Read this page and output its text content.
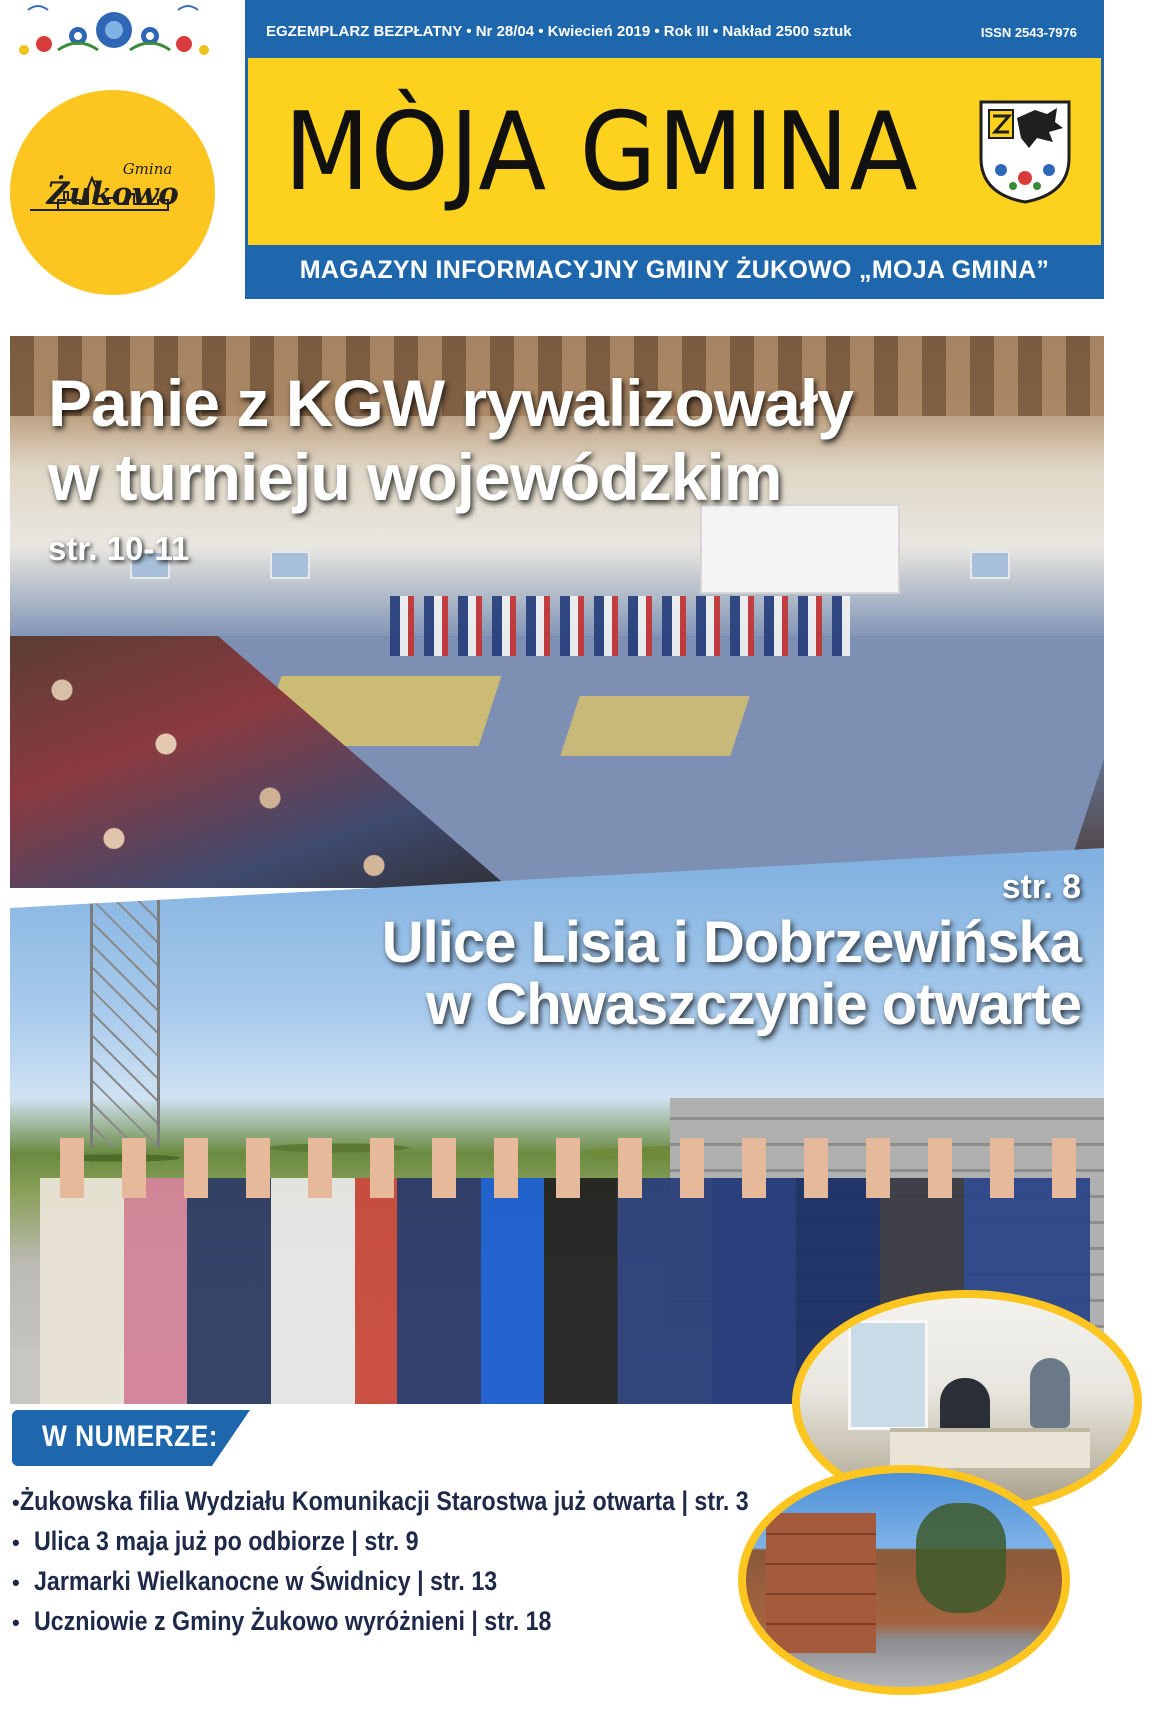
Gmina
Żukowo
EGZEMPLARZ BEZPŁATNY • Nr 28/04 • Kwiecień 2019 • Rok III • Nakład 2500 sztuk	ISSN 2543-7976
MÒJA GMINA
MAGAZYN INFORMACYJNY GMINY ŻUKOWO „MOJA GMINA”
Panie z KGW rywalizowały
w turnieju wojewódzkim
str. 10-11
str. 8
Ulice Lisia i Dobrzewińska
w Chwaszczynie otwarte
W NUMERZE:
• Żukowska filia Wydziału Komunikacji Starostwa już otwarta | str. 3
• Ulica 3 maja już po odbiorze | str. 9
• Jarmarki Wielkanocne w Świdnicy | str. 13
• Uczniowie z Gminy Żukowo wyróżnieni | str. 18
